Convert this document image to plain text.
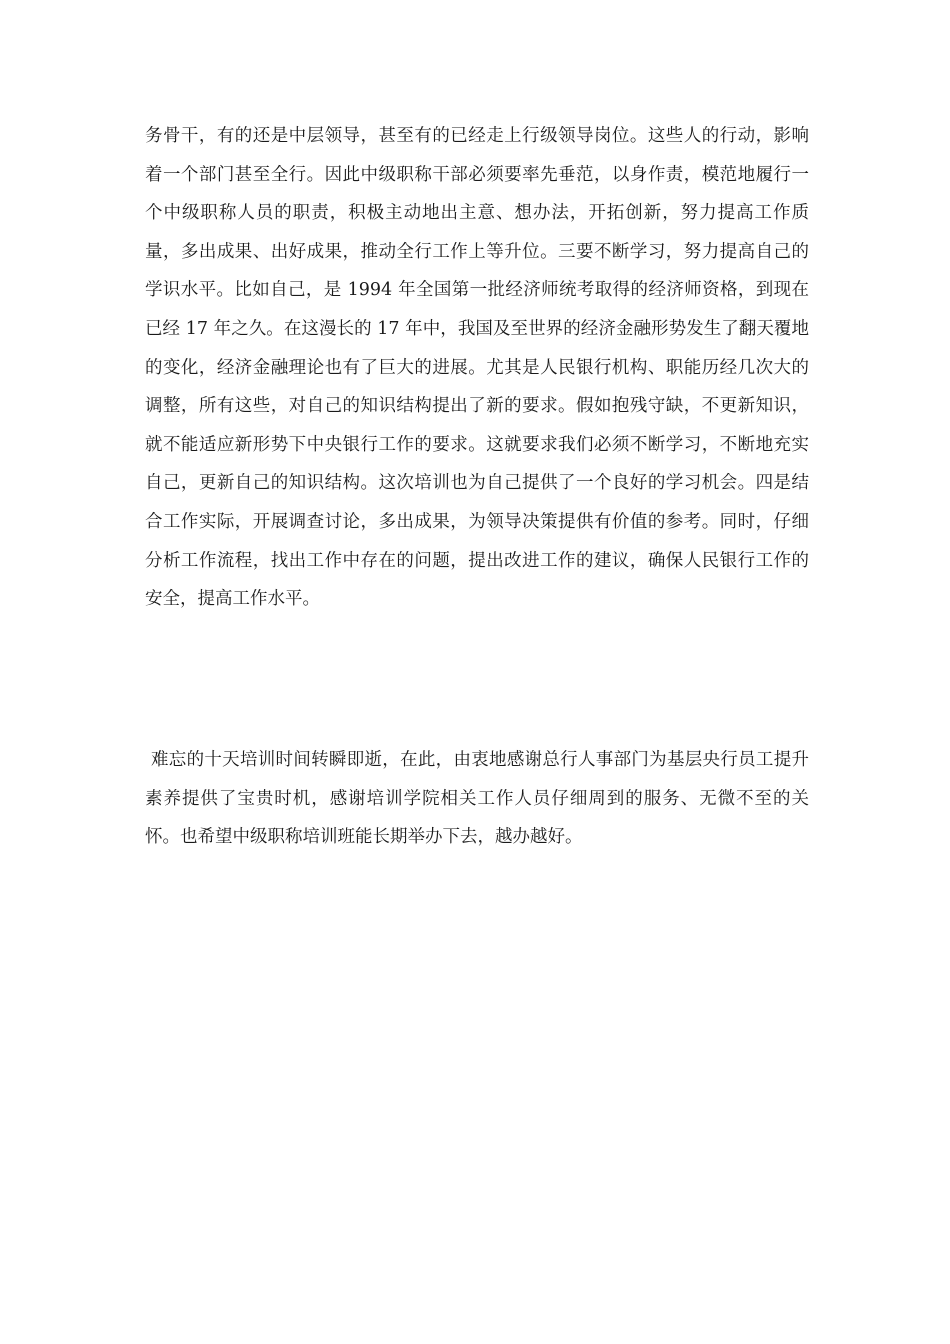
务骨干，有的还是中层领导，甚至有的已经走上行级领导岗位。这些人的行动，影响着一个部门甚至全行。因此中级职称干部必须要率先垂范，以身作责，模范地履行一个中级职称人员的职责，积极主动地出主意、想办法，开拓创新，努力提高工作质量，多出成果、出好成果，推动全行工作上等升位。三要不断学习，努力提高自己的学识水平。比如自己，是 1994 年全国第一批经济师统考取得的经济师资格，到现在已经 17 年之久。在这漫长的 17 年中，我国及至世界的经济金融形势发生了翻天覆地的变化，经济金融理论也有了巨大的进展。尤其是人民银行机构、职能历经几次大的调整，所有这些，对自己的知识结构提出了新的要求。假如抱残守缺，不更新知识，就不能适应新形势下中央银行工作的要求。这就要求我们必须不断学习，不断地充实自己，更新自己的知识结构。这次培训也为自己提供了一个良好的学习机会。四是结合工作实际，开展调查讨论，多出成果，为领导决策提供有价值的参考。同时，仔细分析工作流程，找出工作中存在的问题，提出改进工作的建议，确保人民银行工作的安全，提高工作水平。

难忘的十天培训时间转瞬即逝，在此，由衷地感谢总行人事部门为基层央行员工提升素养提供了宝贵时机，感谢培训学院相关工作人员仔细周到的服务、无微不至的关怀。也希望中级职称培训班能长期举办下去，越办越好。
